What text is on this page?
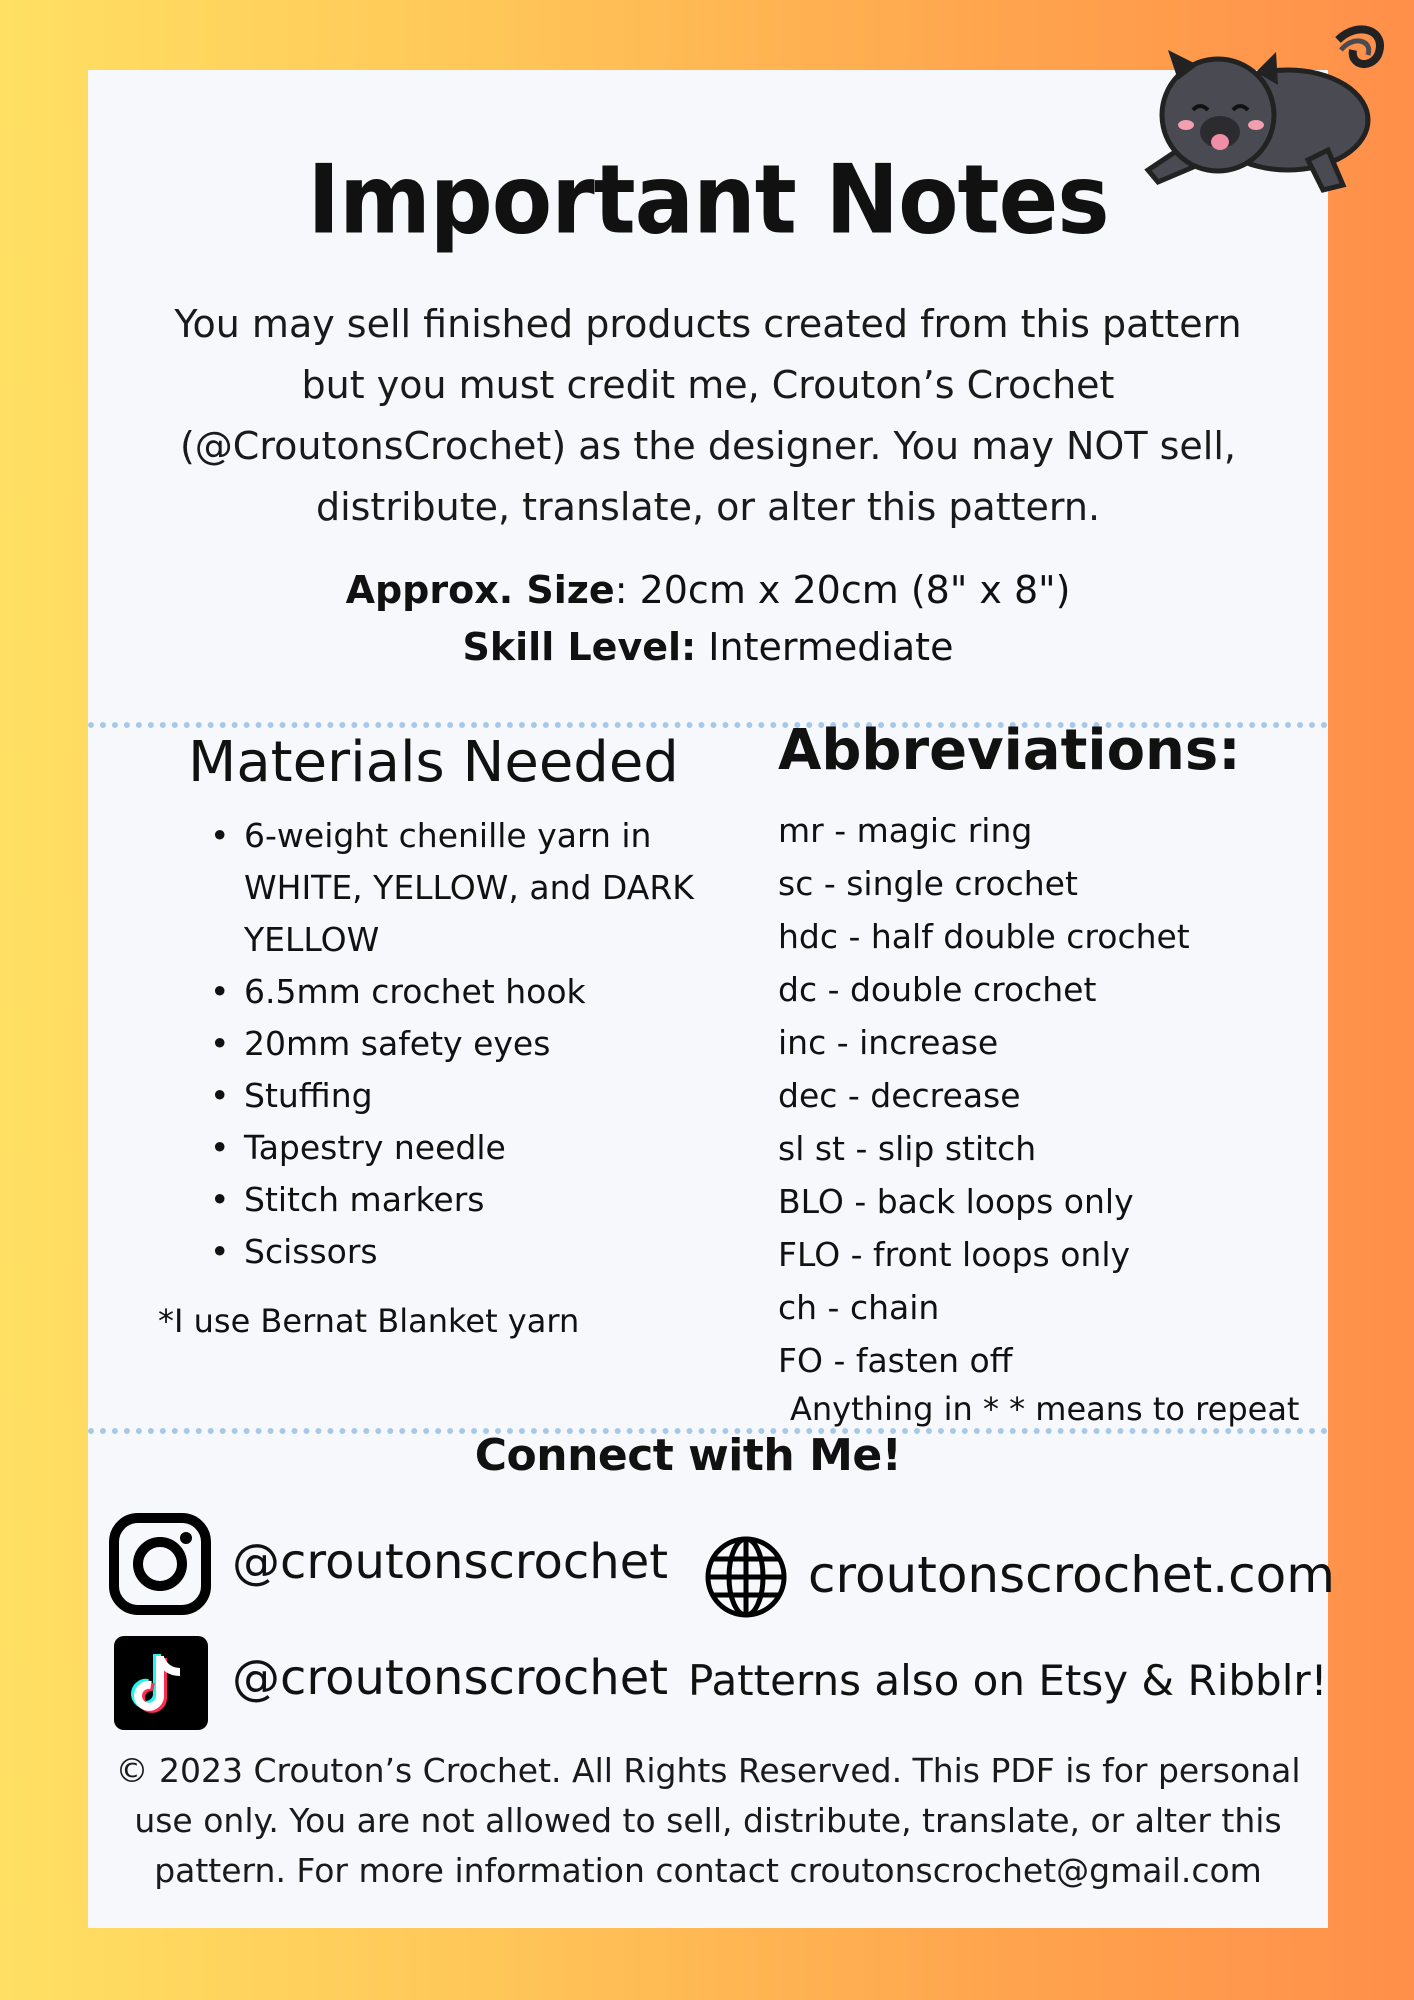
Important Notes

You may sell finished products created from this pattern but you must credit me, Crouton’s Crochet (@CroutonsCrochet) as the designer. You may NOT sell, distribute, translate, or alter this pattern.

Approx. Size: 20cm x 20cm (8" x 8")
Skill Level: Intermediate
Materials Needed
• 6-weight chenille yarn in WHITE, YELLOW, and DARK YELLOW
• 6.5mm crochet hook
• 20mm safety eyes
• Stuffing
• Tapestry needle
• Stitch markers
• Scissors
*I use Bernat Blanket yarn
Abbreviations:
mr - magic ring
sc - single crochet
hdc - half double crochet
dc - double crochet
inc - increase
dec - decrease
sl st - slip stitch
BLO - back loops only
FLO - front loops only
ch - chain
FO - fasten off
Anything in * * means to repeat
Connect with Me!
@croutonscrochet	croutonscrochet.com
@croutonscrochet Patterns also on Etsy & Ribblr!
© 2023 Crouton’s Crochet. All Rights Reserved. This PDF is for personal
use only. You are not allowed to sell, distribute, translate, or alter this
pattern. For more information contact croutonscrochet@gmail.com
